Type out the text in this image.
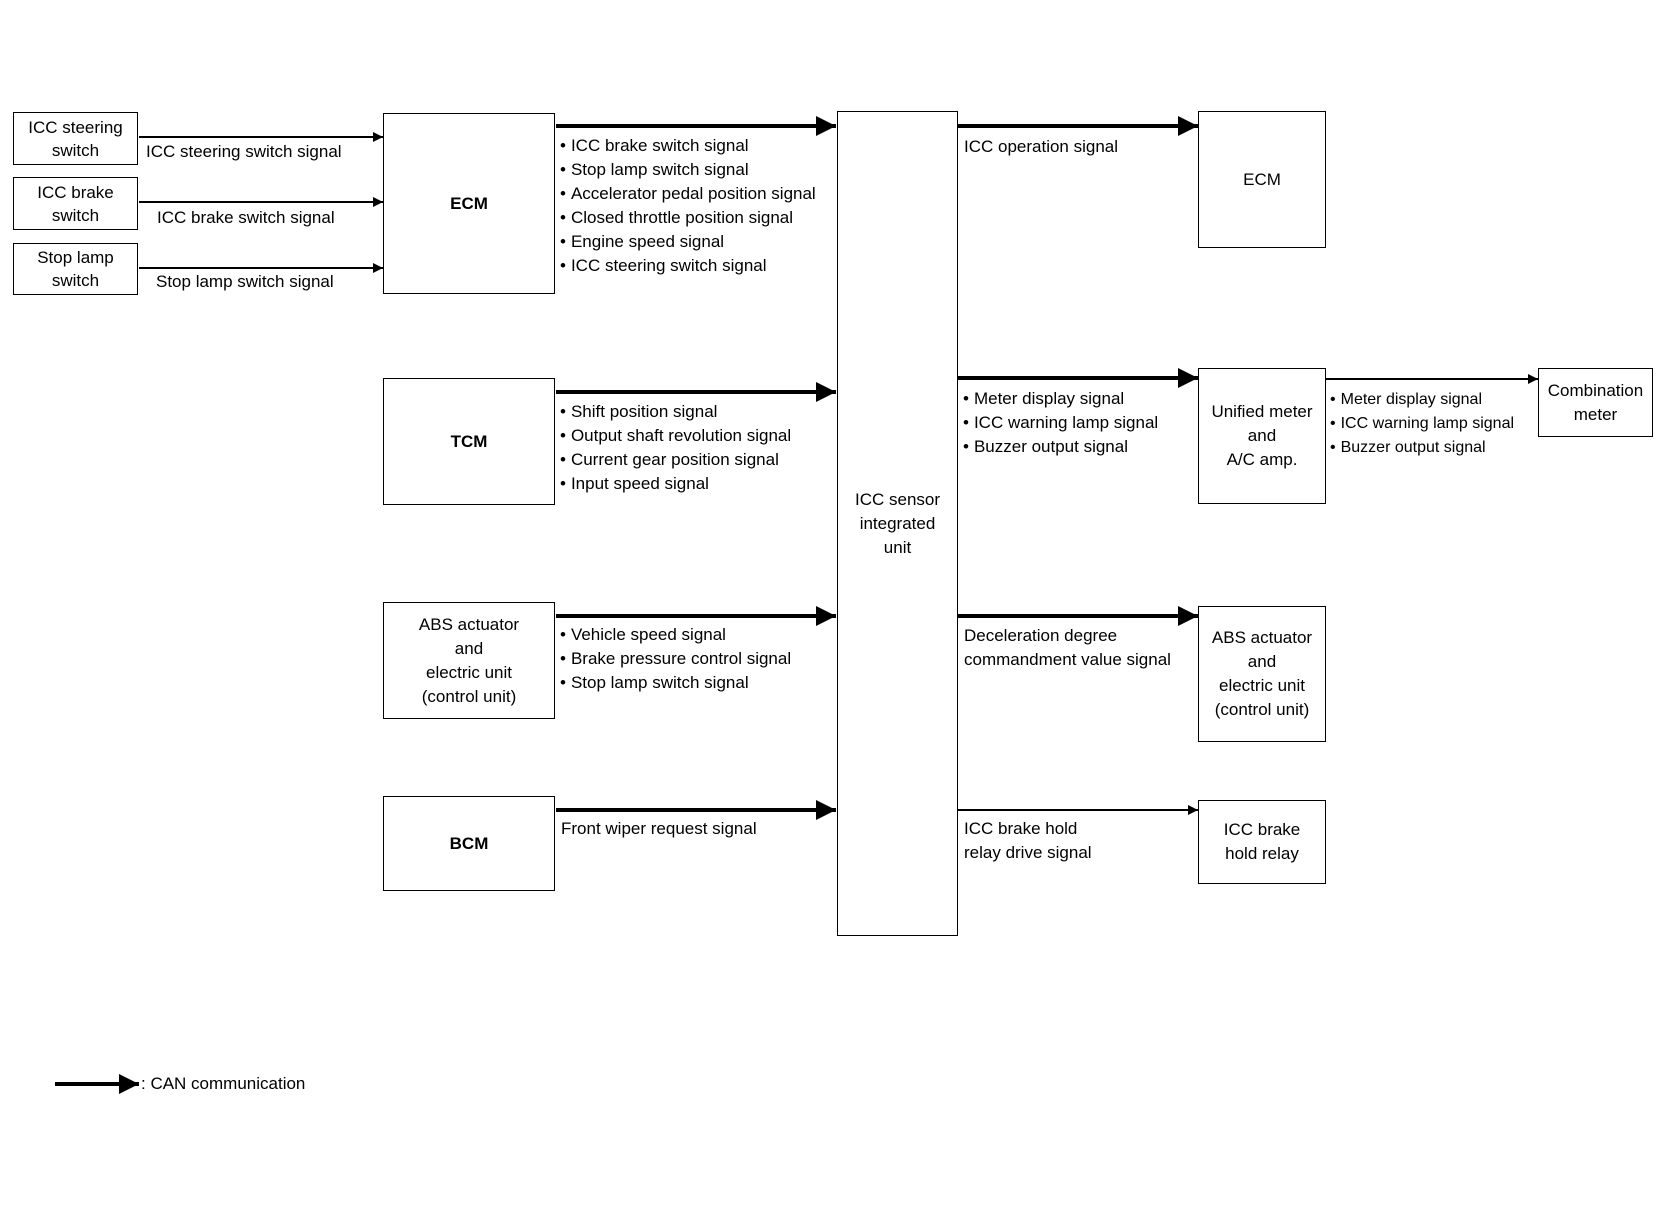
ICC steering
switch
ICC brake
switch
Stop lamp
switch
ICC steering switch signal
ICC brake switch signal
Stop lamp switch signal
ECM
TCM
ABS actuator
and
electric unit
(control unit)
BCM
• ICC brake switch signal
• Stop lamp switch signal
• Accelerator pedal position signal
• Closed throttle position signal
• Engine speed signal
• ICC steering switch signal
• Shift position signal
• Output shaft revolution signal
• Current gear position signal
• Input speed signal
• Vehicle speed signal
• Brake pressure control signal
• Stop lamp switch signal
Front wiper request signal
ICC sensor
integrated
unit
ICC operation signal
ECM
• Meter display signal
• ICC warning lamp signal
• Buzzer output signal
Unified meter
and
A/C amp.
• Meter display signal
• ICC warning lamp signal
• Buzzer output signal
Combination
meter
Deceleration degree
commandment value signal
ABS actuator
and
electric unit
(control unit)
ICC brake hold
relay drive signal
ICC brake
hold relay
: CAN communication
